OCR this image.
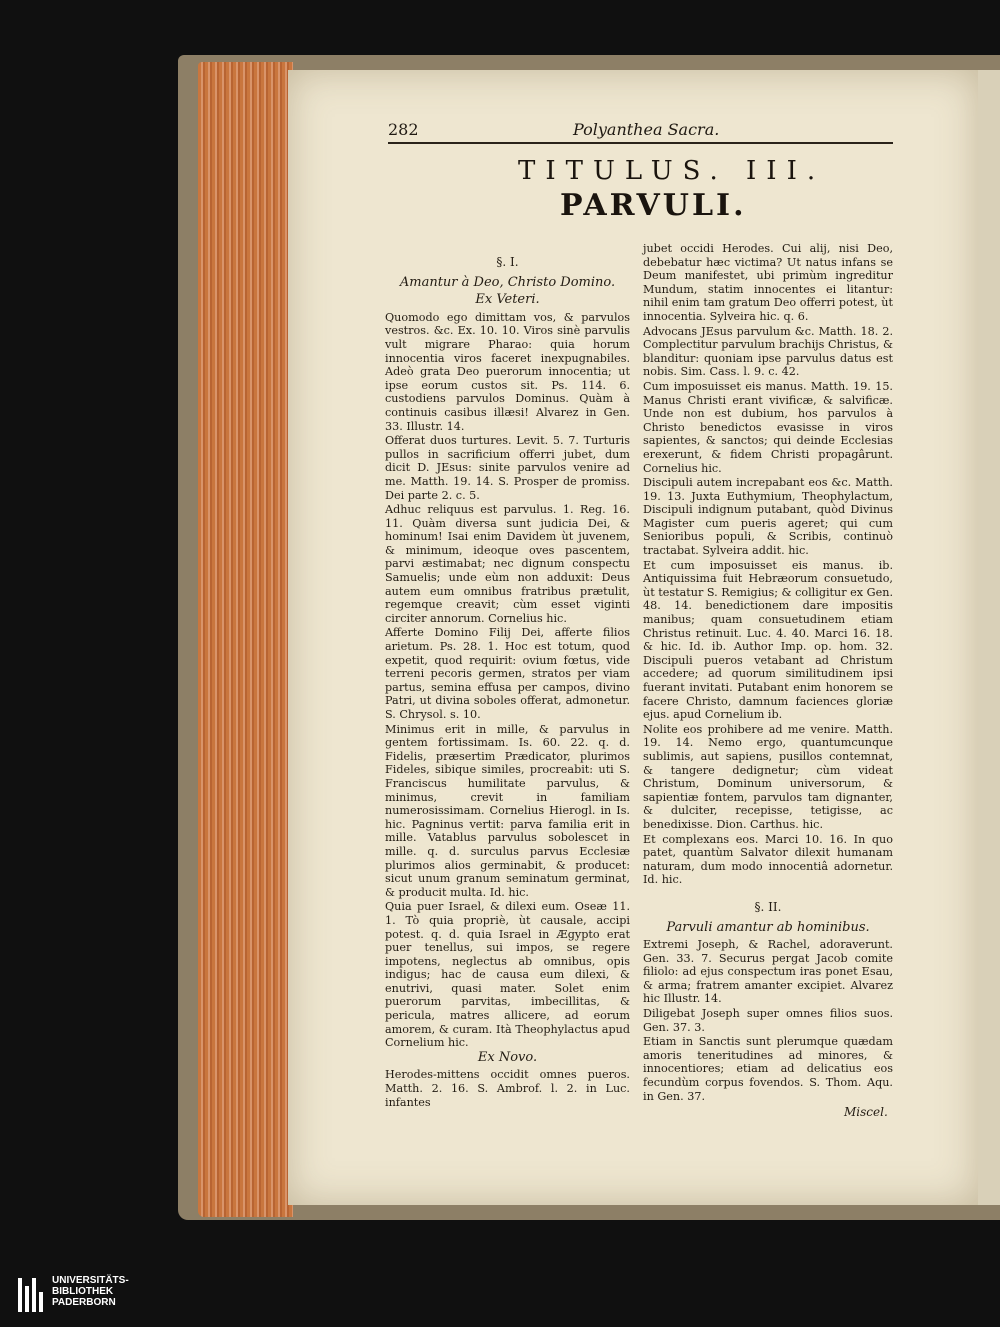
282	Polyanthea Sacra.
TITULUS. III.
PARVULI.

§. I.

Amantur à Deo, Christo Domino.

Ex Veteri.

Quomodo ego dimittam vos, & parvulos vestros. &c. Ex. 10. 10. Viros sinè parvulis vult migrare Pharao: quia horum innocentia viros faceret inexpugnabiles. Adeò grata Deo puerorum innocentia; ut ipse eorum custos sit. Ps. 114. 6. custodiens parvulos Dominus. Quàm à continuis casibus illæsi! Alvarez in Gen. 33. Illustr. 14.

Offerat duos turtures. Levit. 5. 7. Turturis pullos in sacrificium offerri jubet, dum dicit D. JEsus: sinite parvulos venire ad me. Matth. 19. 14. S. Prosper de promiss. Dei parte 2. c. 5.

Adhuc reliquus est parvulus. 1. Reg. 16. 11. Quàm diversa sunt judicia Dei, & hominum! Isai enim Davidem ùt juvenem, & minimum, ideoque oves pascentem, parvi æstimabat; nec dignum conspectu Samuelis; unde eùm non adduxit: Deus autem eum omnibus fratribus prætulit, regemque creavit; cùm esset viginti circiter annorum. Cornelius hic.

Afferte Domino Filij Dei, afferte filios arietum. Ps. 28. 1. Hoc est totum, quod expetit, quod requirit: ovium fœtus, vide terreni pecoris germen, stratos per viam partus, semina effusa per campos, divino Patri, ut divina soboles offerat, admonetur. S. Chrysol. s. 10.

Minimus erit in mille, & parvulus in gentem fortissimam. Is. 60. 22. q. d. Fidelis, præsertim Prædicator, plurimos Fideles, sibique similes, procreabit: uti S. Franciscus humilitate parvulus, & minimus, crevit in familiam numerosissimam. Cornelius Hierogl. in Is. hic. Pagninus vertit: parva familia erit in mille. Vatablus parvulus sobolescet in mille. q. d. surculus parvus Ecclesiæ plurimos alios germinabit, & producet: sicut unum granum seminatum germinat, & producit multa. Id. hic.

Quia puer Israel, & dilexi eum. Oseæ 11. 1. Tò quia propriè, ùt causale, accipi potest. q. d. quia Israel in Ægypto erat puer tenellus, sui impos, se regere impotens, neglectus ab omnibus, opis indigus; hac de causa eum dilexi, & enutrivi, quasi mater. Solet enim puerorum parvitas, imbecillitas, & pericula, matres allicere, ad eorum amorem, & curam. Ità Theophylactus apud Cornelium hic.

Ex Novo.

Herodes-mittens occidit omnes pueros. Matth. 2. 16. S. Ambrof. l. 2. in Luc. infantes

jubet occidi Herodes. Cui alij, nisi Deo, debebatur hæc victima? Ut natus infans se Deum manifestet, ubi primùm ingreditur Mundum, statim innocentes ei litantur: nihil enim tam gratum Deo offerri potest, ùt innocentia. Sylveira hic. q. 6.

Advocans JEsus parvulum &c. Matth. 18. 2. Complectitur parvulum brachijs Christus, & blanditur: quoniam ipse parvulus datus est nobis. Sim. Cass. l. 9. c. 42.

Cum imposuisset eis manus. Matth. 19. 15. Manus Christi erant vivificæ, & salvificæ. Unde non est dubium, hos parvulos à Christo benedictos evasisse in viros sapientes, & sanctos; qui deinde Ecclesias erexerunt, & fidem Christi propagârunt. Cornelius hic.

Discipuli autem increpabant eos &c. Matth. 19. 13. Juxta Euthymium, Theophylactum, Discipuli indignum putabant, quòd Divinus Magister cum pueris ageret; qui cum Senioribus populi, & Scribis, continuò tractabat. Sylveira addit. hic.

Et cum imposuisset eis manus. ib. Antiquissima fuit Hebræorum consuetudo, ùt testatur S. Remigius; & colligitur ex Gen. 48. 14. benedictionem dare impositis manibus; quam consuetudinem etiam Christus retinuit. Luc. 4. 40. Marci 16. 18. & hic. Id. ib. Author Imp. op. hom. 32. Discipuli pueros vetabant ad Christum accedere; ad quorum similitudinem ipsi fuerant invitati. Putabant enim honorem se facere Christo, damnum faciences gloriæ ejus. apud Cornelium ib.

Nolite eos prohibere ad me venire. Matth. 19. 14. Nemo ergo, quantumcunque sublimis, aut sapiens, pusillos contemnat, & tangere dedignetur; cùm videat Christum, Dominum universorum, & sapientiæ fontem, parvulos tam dignanter, & dulciter, recepisse, tetigisse, ac benedixisse. Dion. Carthus. hic.

Et complexans eos. Marci 10. 16. In quo patet, quantùm Salvator dilexit humanam naturam, dum modo innocentiâ adornetur. Id. hic.

§. II.

Parvuli amantur ab hominibus.

Extremi Joseph, & Rachel, adoraverunt. Gen. 33. 7. Securus pergat Jacob comite filiolo: ad ejus conspectum iras ponet Esau, & arma; fratrem amanter excipiet. Alvarez hic Illustr. 14.

Diligebat Joseph super omnes filios suos. Gen. 37. 3.

Etiam in Sanctis sunt plerumque quædam amoris teneritudines ad minores, & innocentiores; etiam ad delicatius eos fecundùm corpus fovendos. S. Thom. Aqu. in Gen. 37.

Miscel.
UNIVERSITÄTS-
BIBLIOTHEK
PADERBORN
